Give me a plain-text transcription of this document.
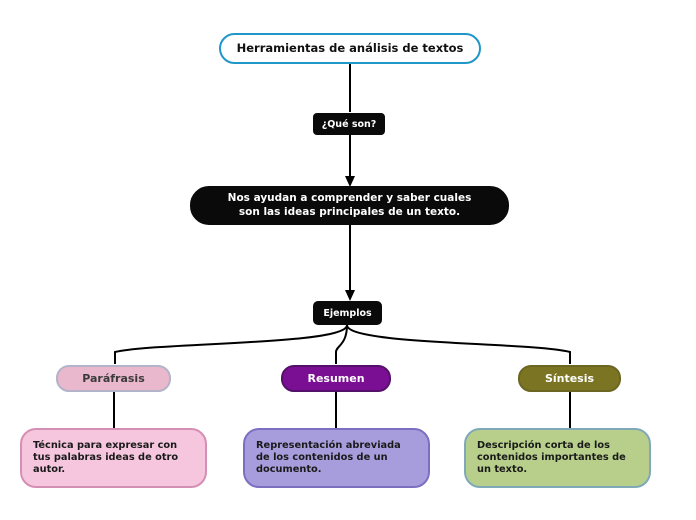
Herramientas de análisis de textos
¿Qué son?
Nos ayudan a comprender y saber cuales
son las ideas principales de un texto.
Ejemplos
Paráfrasis	Resumen	Síntesis
Técnica para expresar con tus palabras ideas de otro autor.
Representación abreviada de los contenidos de un documento.
Descripción corta de los contenidos importantes de un texto.
